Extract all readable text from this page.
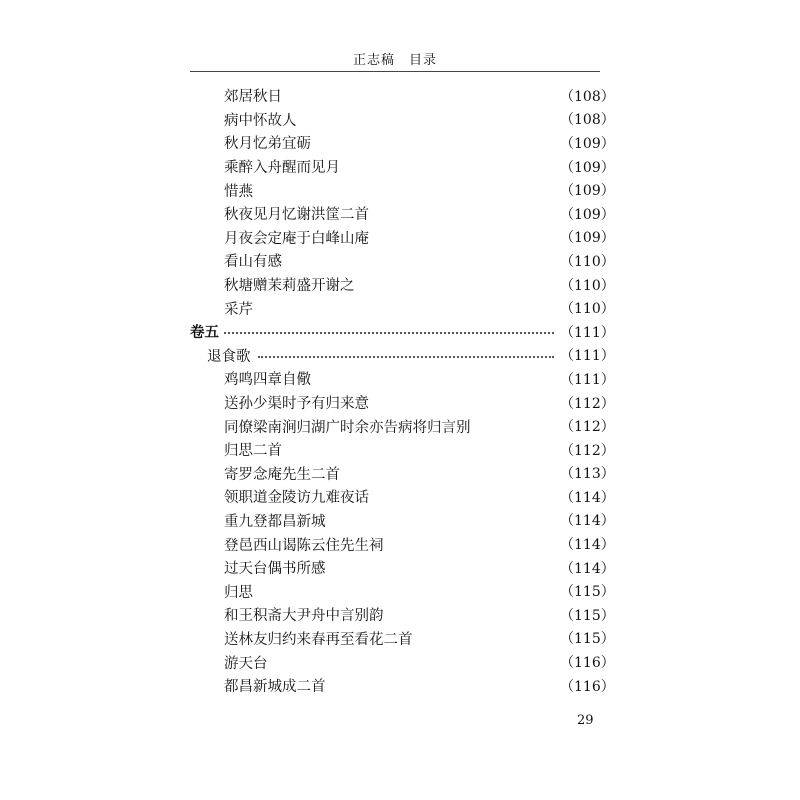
正志稿　目录
郊居秋日	（108）
病中怀故人	（108）
秋月忆弟宜砺	（109）
乘醉入舟醒而见月	（109）
惜燕	（109）
秋夜见月忆谢洪筐二首	（109）
月夜会定庵于白峰山庵	（109）
看山有感	（110）
秋塘赠茉莉盛开谢之	（110）
采芹	（110）
卷五	（111）
退食歌	（111）
鸡鸣四章自儆	（111）
送孙少渠时予有归来意	（112）
同僚梁南涧归湖广时余亦告病将归言别	（112）
归思二首	（112）
寄罗念庵先生二首	（113）
领职道金陵访九难夜话	（114）
重九登都昌新城	（114）
登邑西山谒陈云住先生祠	（114）
过天台偶书所感	（114）
归思	（115）
和王积斋大尹舟中言别韵	（115）
送林友归约来春再至看花二首	（115）
游天台	（116）
都昌新城成二首	（116）
29
